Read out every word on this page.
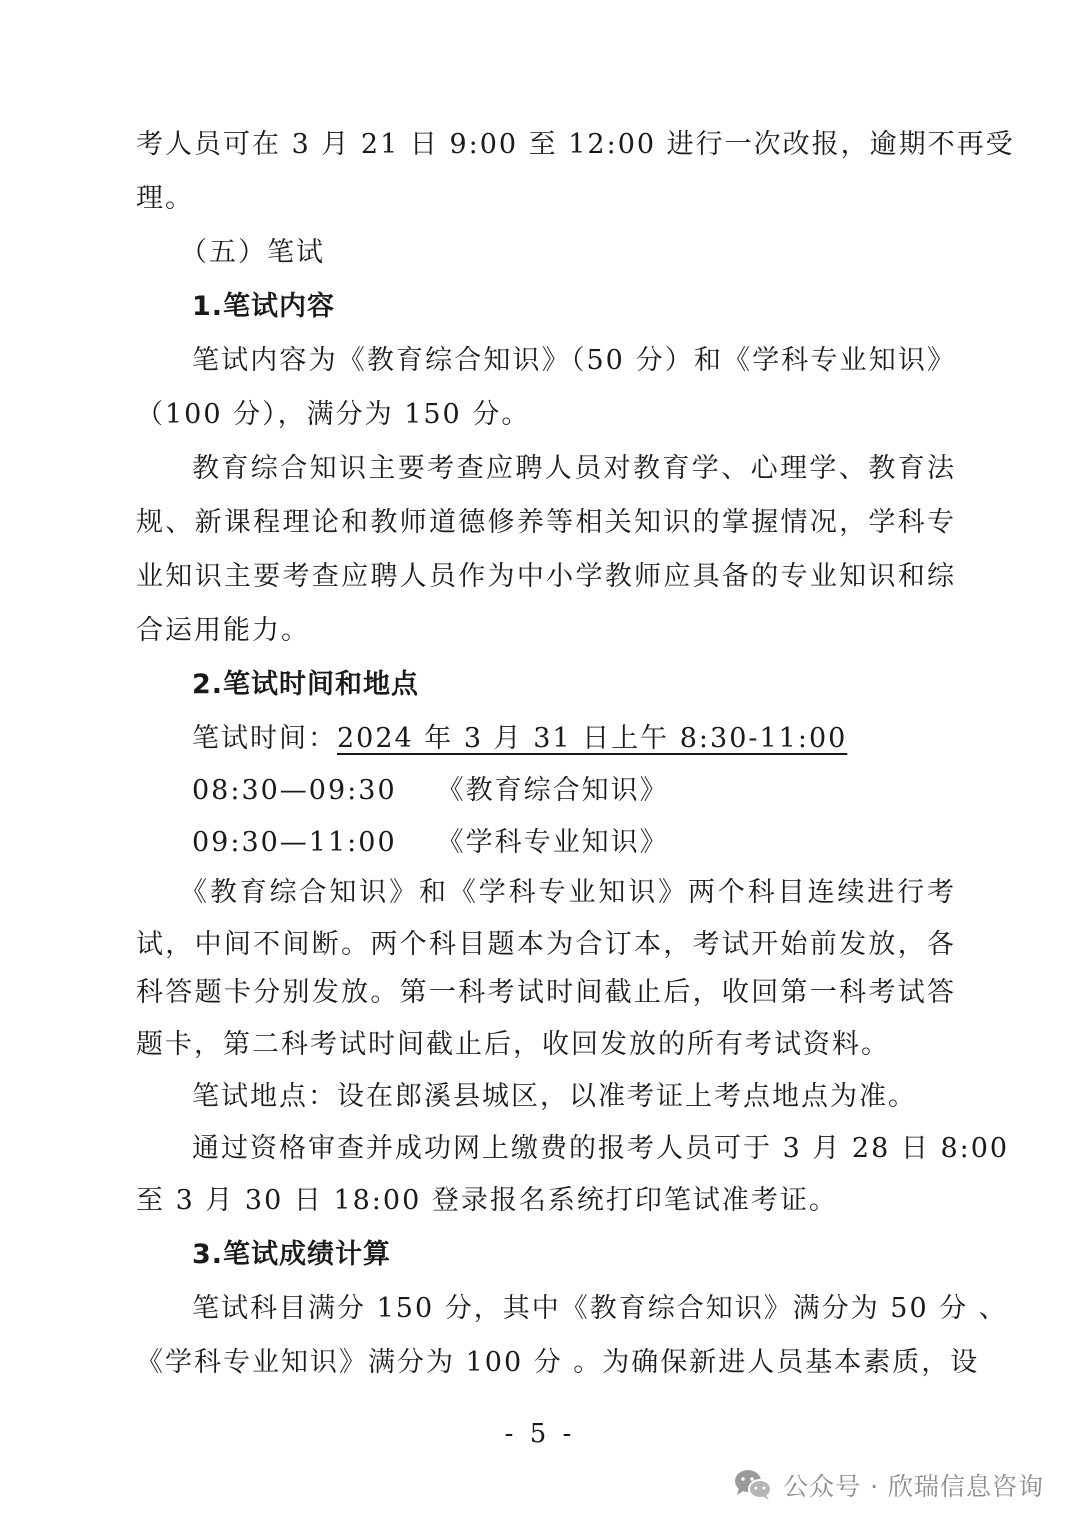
考人员可在 3 月 21 日 9:00 至 12:00 进行一次改报，逾期不再受
理。
（五）笔试
1.笔试内容
笔试内容为《教育综合知识》（50 分）和《学科专业知识》
（100 分），满分为 150 分。
教育综合知识主要考查应聘人员对教育学、心理学、教育法
规、新课程理论和教师道德修养等相关知识的掌握情况，学科专
业知识主要考查应聘人员作为中小学教师应具备的专业知识和综
合运用能力。
2.笔试时间和地点
笔试时间：2024 年 3 月 31 日上午 8:30-11:00
08:30—09:30 《教育综合知识》
09:30—11:00 《学科专业知识》
《教育综合知识》和《学科专业知识》两个科目连续进行考
试，中间不间断。两个科目题本为合订本，考试开始前发放，各
科答题卡分别发放。第一科考试时间截止后，收回第一科考试答
题卡，第二科考试时间截止后，收回发放的所有考试资料。
笔试地点：设在郎溪县城区，以准考证上考点地点为准。
通过资格审查并成功网上缴费的报考人员可于 3 月 28 日 8:00
至 3 月 30 日 18:00 登录报名系统打印笔试准考证。
3.笔试成绩计算
笔试科目满分 150 分，其中《教育综合知识》满分为 50 分 、
《学科专业知识》满分为 100 分 。为确保新进人员基本素质，设
- 5 -
公众号 · 欣瑞信息咨询
